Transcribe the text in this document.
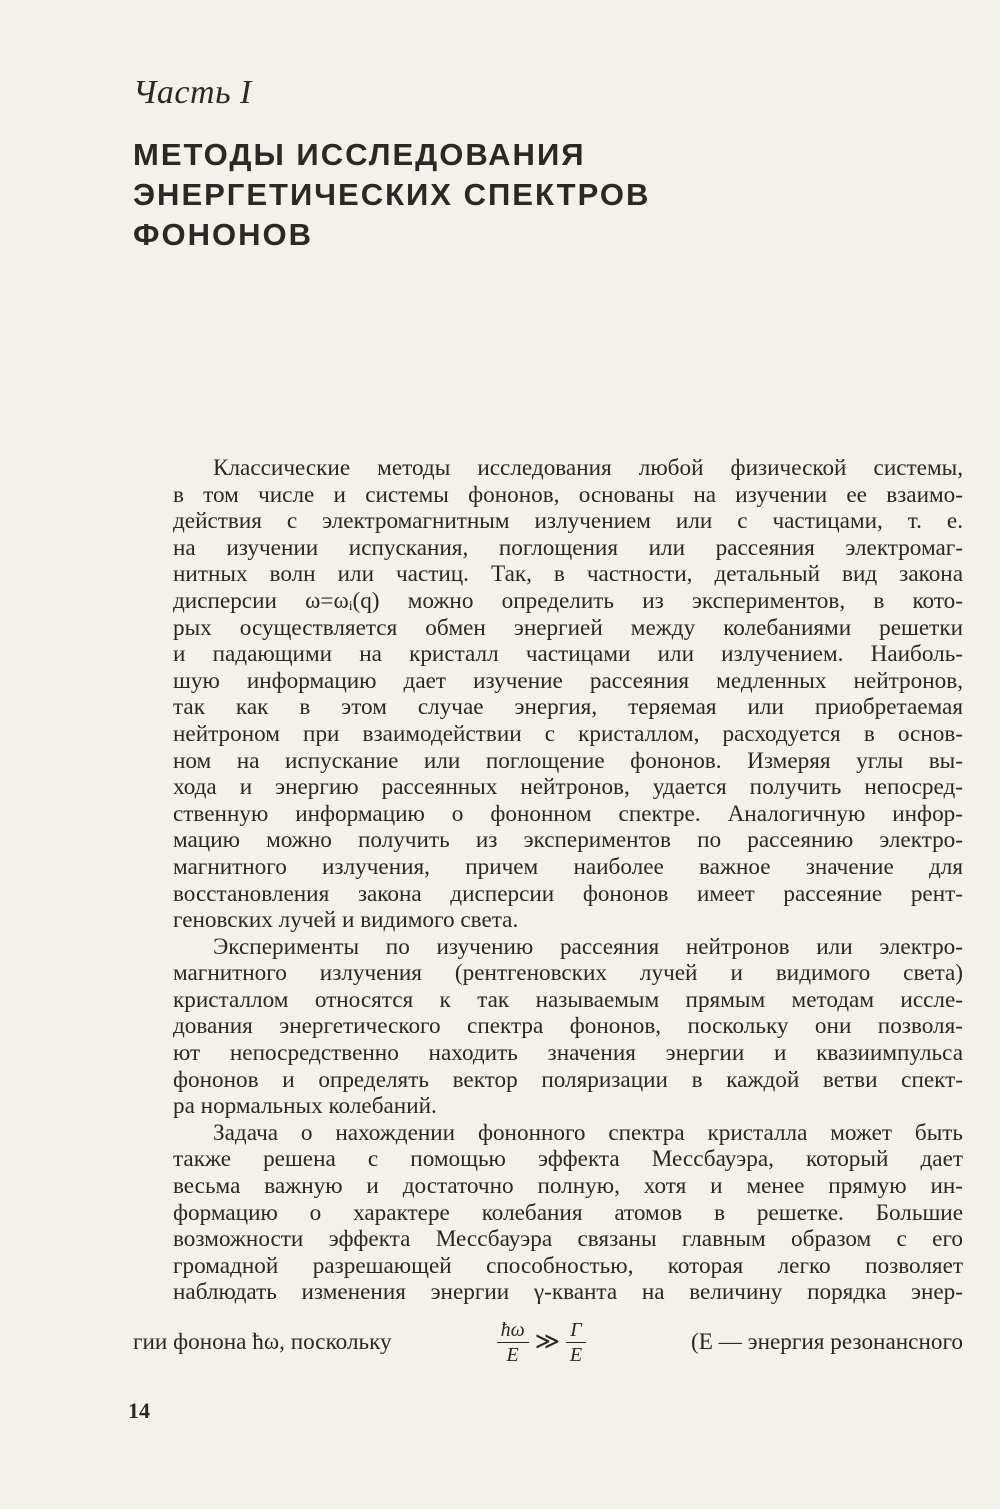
Часть I
МЕТОДЫ ИССЛЕДОВАНИЯ
ЭНЕРГЕТИЧЕСКИХ СПЕКТРОВ
ФОНОНОВ
Классические методы исследования любой физической системы,
в том числе и системы фононов, основаны на изучении ее взаимо-
действия с электромагнитным излучением или с частицами, т. е.
на изучении испускания, поглощения или рассеяния электромаг-
нитных волн или частиц. Так, в частности, детальный вид закона
дисперсии ω=ωᵢ(q) можно определить из экспериментов, в кото-
рых осуществляется обмен энергией между колебаниями решетки
и падающими на кристалл частицами или излучением. Наиболь-
шую информацию дает изучение рассеяния медленных нейтронов,
так как в этом случае энергия, теряемая или приобретаемая
нейтроном при взаимодействии с кристаллом, расходуется в основ-
ном на испускание или поглощение фононов. Измеряя углы вы-
хода и энергию рассеянных нейтронов, удается получить непосред-
ственную информацию о фононном спектре. Аналогичную инфор-
мацию можно получить из экспериментов по рассеянию электро-
магнитного излучения, причем наиболее важное значение для
восстановления закона дисперсии фононов имеет рассеяние рент-
геновских лучей и видимого света.
Эксперименты по изучению рассеяния нейтронов или электро-
магнитного излучения (рентгеновских лучей и видимого света)
кристаллом относятся к так называемым прямым методам иссле-
дования энергетического спектра фононов, поскольку они позволя-
ют непосредственно находить значения энергии и квазиимпульса
фононов и определять вектор поляризации в каждой ветви спект-
ра нормальных колебаний.
Задача о нахождении фононного спектра кристалла может быть
также решена с помощью эффекта Мессбауэра, который дает
весьма важную и достаточно полную, хотя и менее прямую ин-
формацию о характере колебания атомов в решетке. Большие
возможности эффекта Мессбауэра связаны главным образом с его
громадной разрешающей способностью, которая легко позволяет
наблюдать изменения энергии γ-кванта на величину порядка энер-
гии фонона ħω, поскольку	$\frac{ħ\omega}{E}$ ≫ $\frac{\Gamma}{E}$	(E — энергия резонансного
14
